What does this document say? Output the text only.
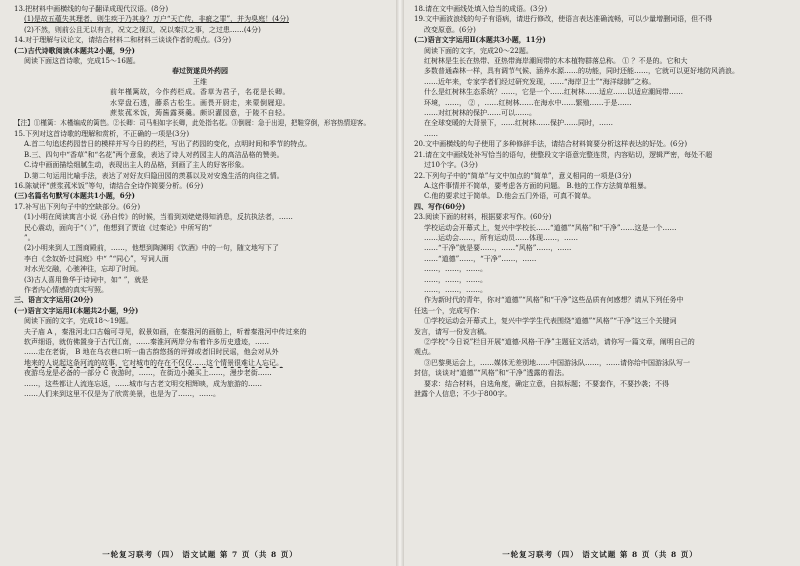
13.把材料中画横线的句子翻译成现代汉语。(8分)
(1)是故五蕴失其理者，则生疾于乃其身？万户“天亡传，非疵之罪”，并为臭庭！(4分)
(2)不然，则前公且无以有言，况文之视汉，况以秦汉之事，之过患……(4分)
14.对于理解与议论文，请结合材料二和材料三谈谈作者的观点。(3分)
(二)古代诗歌阅读(本题共2小题，9分)
阅读下面这首诗歌，完成15～16题。
春过贺遂员外药园
王维
前年槿篱故，今作药栏成。香草为君子，名花是长卿。
水穿盘石透，藤系古松生。画畏开厨走，来蒙倒屣迎。
蔗浆菰米饭，蒟酱露葵羹。颇识灌园意，于陵不自轻。
【注】①槿篱：木槿编成的篱笆。②长卿：司马相如字长卿，此处指名花。③倒屣：急于出迎，把鞋穿倒，形容热情迎客。
15.下列对这首诗歌的理解和赏析，不正确的一项是(3分)
A.首二句追述药园昔日的模样并写今日的药栏，写出了药园的变化，点明时间和季节的特点。
B.三、四句中“香草”和“名花”两个意象，表达了诗人对药园主人的高洁品格的赞美。
C.诗中画面描绘细腻生动，表现出主人的品格，到画了主人的好客形象。
D.第二句运用比喻手法，表达了对好友归隐田园的羡慕以及对安逸生活的向往之情。
16.陈斌评“蔗浆菰米饭”等句，请结合全诗作简要分析。(6分)
(三)名篇名句默写(本题共1小题，6分)
17.补写出下列句子中的空缺部分。(6分)
(1)小明在阅读寓言小说《孙自传》的时候，当看到刘姥姥得知消息，反抗执法者，……
民心震动，面向于“（ ）”，他想到了贾谊《过秦论》中所写的“
”。
(2)小明来到人工图商殿前，……，他想到陶渊明《饮酒》中的一句，随文地写下了
李白《念奴娇·过洞庭》中“ ”“同心”，写词人面
对水光交融，心驰神往，忘却了时间。
(3)古人喜用鲁华于诗词中，如“ ”，就是
作者内心情感的真实写照。
三、语言文字运用(20分)
(一)语言文字运用Ⅰ(本题共2小题，9分)
阅读下面的文字，完成18～19题。
夫子庙 A ，秦淮河北口古翰可寻见，叙景如画，在秦淮河的画舫上，听着秦淮河中传过来的
软声细语，就仿佛置身于古代江南，……秦淮河两岸分布着许多历史遗迹，……
……走在老街， B 地在乌衣巷口听一曲古韵悠扬的评弹或者旧时民谣，他会对从外
地来的人说起这条河流的故事，它对城市的存在不仅仅……这个情景很难让人忘记。
夜游乌龙是必备的一部分 C 夜游时，……，在街边小摊买上……，漫步老街……
……，这些都让人流连忘返，……城市与古老文明交相辉映，成为旅游的……
……人们来到这里不仅是为了欣赏美景，也是为了……，……。
一轮复习联考（四） 语文试题 第 7 页（共 8 页）
18.请在文中画线处填入恰当的成语。(3分)
19.文中画波浪线的句子有语病，请进行修改，使语言表达准确流畅，可以少量增删词语，但不得
改变原意。(6分)
(二)语言文字运用Ⅱ(本题共3小题，11分)
阅读下面的文字，完成20～22题。
红树林是生长在热带、亚热带海岸潮间带的木本植物群落总称。 ① ？不是的。它和大
多数普通森林一样，具有调节气候、涵养水源……的功能，同时还能……，它就可以更好地防风消浪。
……近年来，专家学者们经过研究发现，……“海岸卫士”“海洋绿肺”之称。
什么是红树林生态系统？……，它是一个……红树林……适应……以适应潮间带……
环境，……， ② ，……红树林……在海水中……繁殖……于是……
……对红树林的保护……可以……。
在全球变暖的大背景下，……红树林……保护……同时，……
……
20.文中画横线的句子使用了多种修辞手法，请结合材料简要分析这样表达的好处。(6分)
21.请在文中画线处补写恰当的语句，使整段文字语意完整连贯，内容贴切，逻辑严密，每处不超
过10个字。(3分)
22.下列句子中的“简单”与文中加点的“简单”，意义相同的一项是(3分)
A.这件事情并不简单，要考虑各方面的问题。 B.他的工作方法简单粗暴。
C.他的要求过于简单。 D.他会五门外语，可真不简单。
四、写作(60分)
23.阅读下面的材料，根据要求写作。(60分)
学校运动会开幕式上，复兴中学校长……“道德”“风格”和“干净”……这是一个……
……运动会……，所有运动员……体现……，……
……“干净”就是要……，……“风格”……，……
……“道德”……，“干净”……，……
……，……，……。
……，……，……。
……，……，……。
作为新时代的青年，你对“道德”“风格”和“干净”这些品质有何感想？请从下列任务中
任选一个，完成写作：
①学校运动会开幕式上，复兴中学学生代表围绕“道德”“风格”“干净”这三个关键词
发言，请写一份发言稿。
②学校“今日说”栏目开展“道德·风格·干净”主题征文活动，请你写一篇文章，阐明自己的
观点。
③巴黎奥运会上，……媒体无差别地……中国游泳队……，……请你给中国游泳队写一
封信，谈谈对“道德”“风格”和“干净”透露的看法。
要求：结合材料，自选角度，确定立意，自拟标题；不要套作，不要抄袭；不得
泄露个人信息；不少于800字。
一轮复习联考（四） 语文试题 第 8 页（共 8 页）
